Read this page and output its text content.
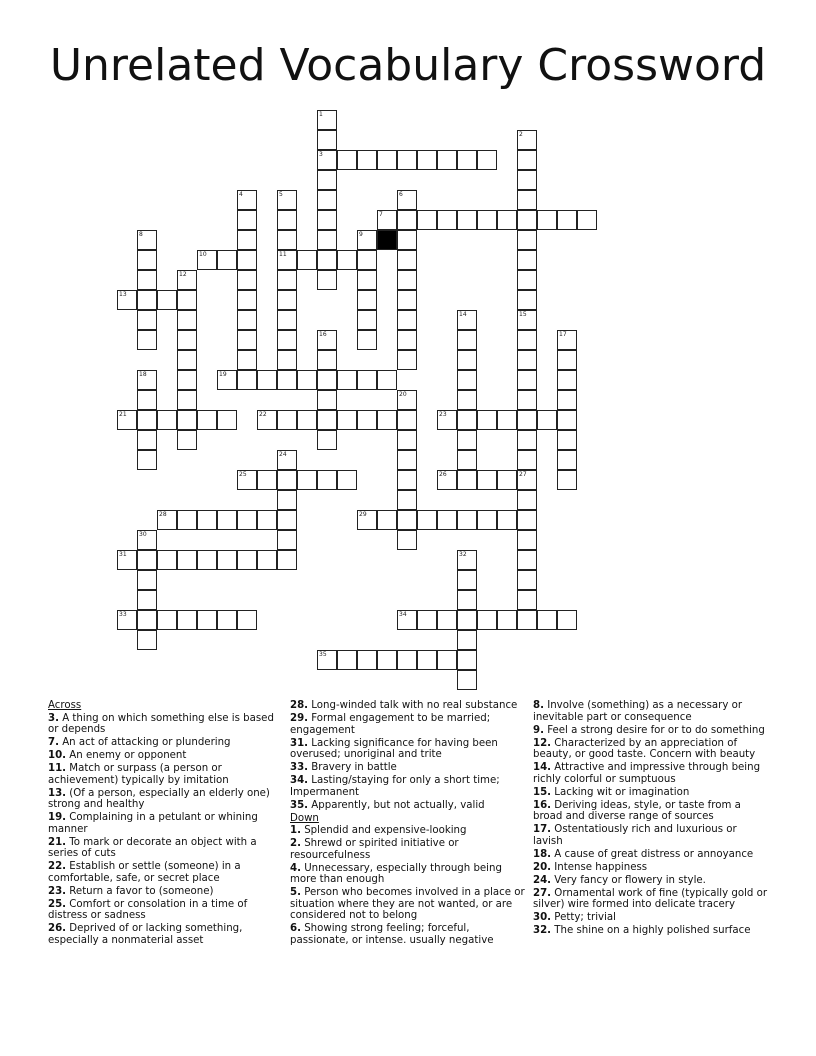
Unrelated Vocabulary Crossword
1
3
2
4	5
11
6
7
8	9
10
12
13
14	15
16	17
18	19
20
21	22	23
24
25	26	27
28	29
30
31	32
33	34
35
Across
3. A thing on which something else is based or depends
7. An act of attacking or plundering
10. An enemy or opponent
11. Match or surpass (a person or achievement) typically by imitation
13. (Of a person, especially an elderly one) strong and healthy
19. Complaining in a petulant or whining manner
21. To mark or decorate an object with a series of cuts
22. Establish or settle (someone) in a comfortable, safe, or secret place
23. Return a favor to (someone)
25. Comfort or consolation in a time of distress or sadness
26. Deprived of or lacking something, especially a nonmaterial asset
28. Long-winded talk with no real substance
29. Formal engagement to be married; engagement
31. Lacking significance for having been overused; unoriginal and trite
33. Bravery in battle
34. Lasting/staying for only a short time; Impermanent
35. Apparently, but not actually, valid
Down
1. Splendid and expensive-looking
2. Shrewd or spirited initiative or resourcefulness
4. Unnecessary, especially through being more than enough
5. Person who becomes involved in a place or situation where they are not wanted, or are considered not to belong
6. Showing strong feeling; forceful, passionate, or intense. usually negative
8. Involve (something) as a necessary or inevitable part or consequence
9. Feel a strong desire for or to do something
12. Characterized by an appreciation of beauty, or good taste. Concern with beauty
14. Attractive and impressive through being richly colorful or sumptuous
15. Lacking wit or imagination
16. Deriving ideas, style, or taste from a broad and diverse range of sources
17. Ostentatiously rich and luxurious or lavish
18. A cause of great distress or annoyance
20. Intense happiness
24. Very fancy or flowery in style.
27. Ornamental work of fine (typically gold or silver) wire formed into delicate tracery
30. Petty; trivial
32. The shine on a highly polished surface
